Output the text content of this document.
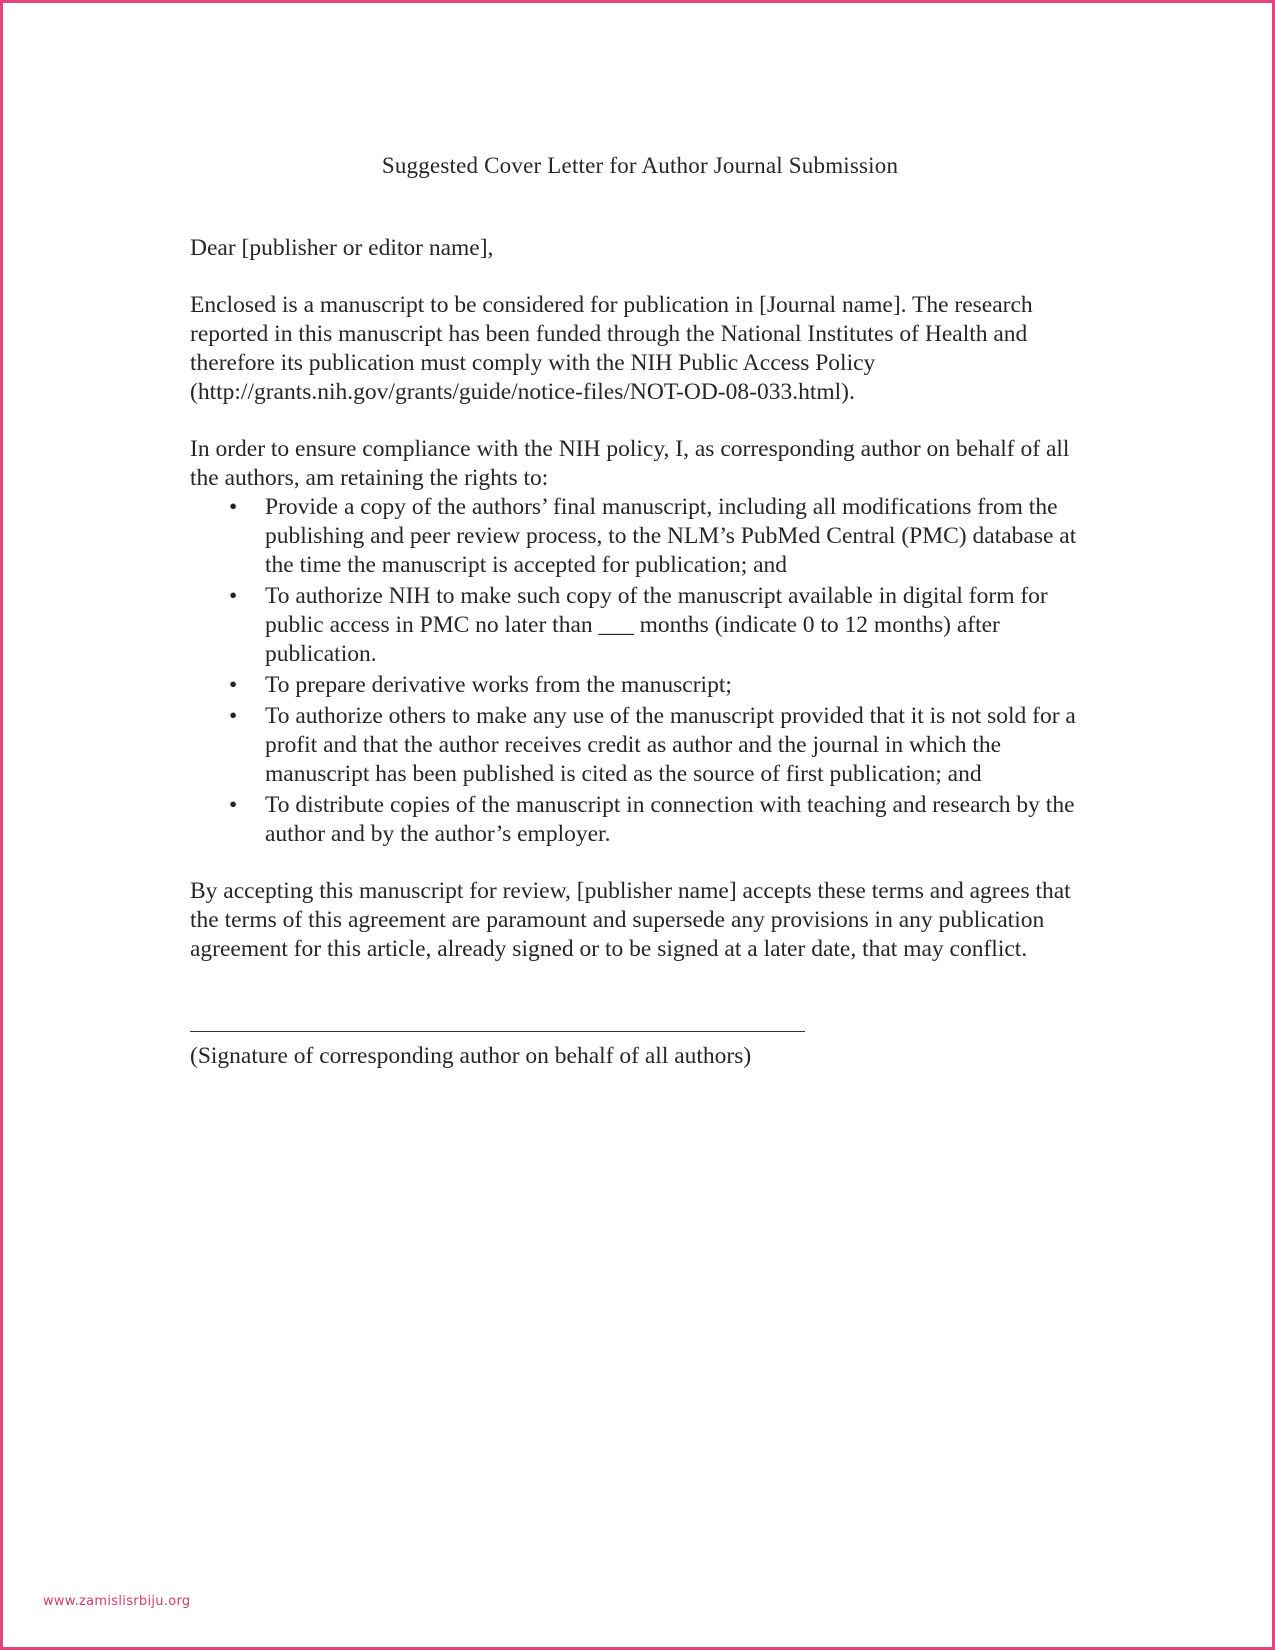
Suggested Cover Letter for Author Journal Submission
Dear [publisher or editor name],
Enclosed is a manuscript to be considered for publication in [Journal name]. The research reported in this manuscript has been funded through the National Institutes of Health and therefore its publication must comply with the NIH Public Access Policy (http://grants.nih.gov/grants/guide/notice-files/NOT-OD-08-033.html).
In order to ensure compliance with the NIH policy, I, as corresponding author on behalf of all the authors, am retaining the rights to:
• Provide a copy of the authors’ final manuscript, including all modifications from the publishing and peer review process, to the NLM’s PubMed Central (PMC) database at the time the manuscript is accepted for publication; and
• To authorize NIH to make such copy of the manuscript available in digital form for public access in PMC no later than ___ months (indicate 0 to 12 months) after publication.
• To prepare derivative works from the manuscript;
• To authorize others to make any use of the manuscript provided that it is not sold for a profit and that the author receives credit as author and the journal in which the manuscript has been published is cited as the source of first publication; and
• To distribute copies of the manuscript in connection with teaching and research by the author and by the author’s employer.
By accepting this manuscript for review, [publisher name] accepts these terms and agrees that the terms of this agreement are paramount and supersede any provisions in any publication agreement for this article, already signed or to be signed at a later date, that may conflict.
(Signature of corresponding author on behalf of all authors)
www.zamislisrbiju.org
